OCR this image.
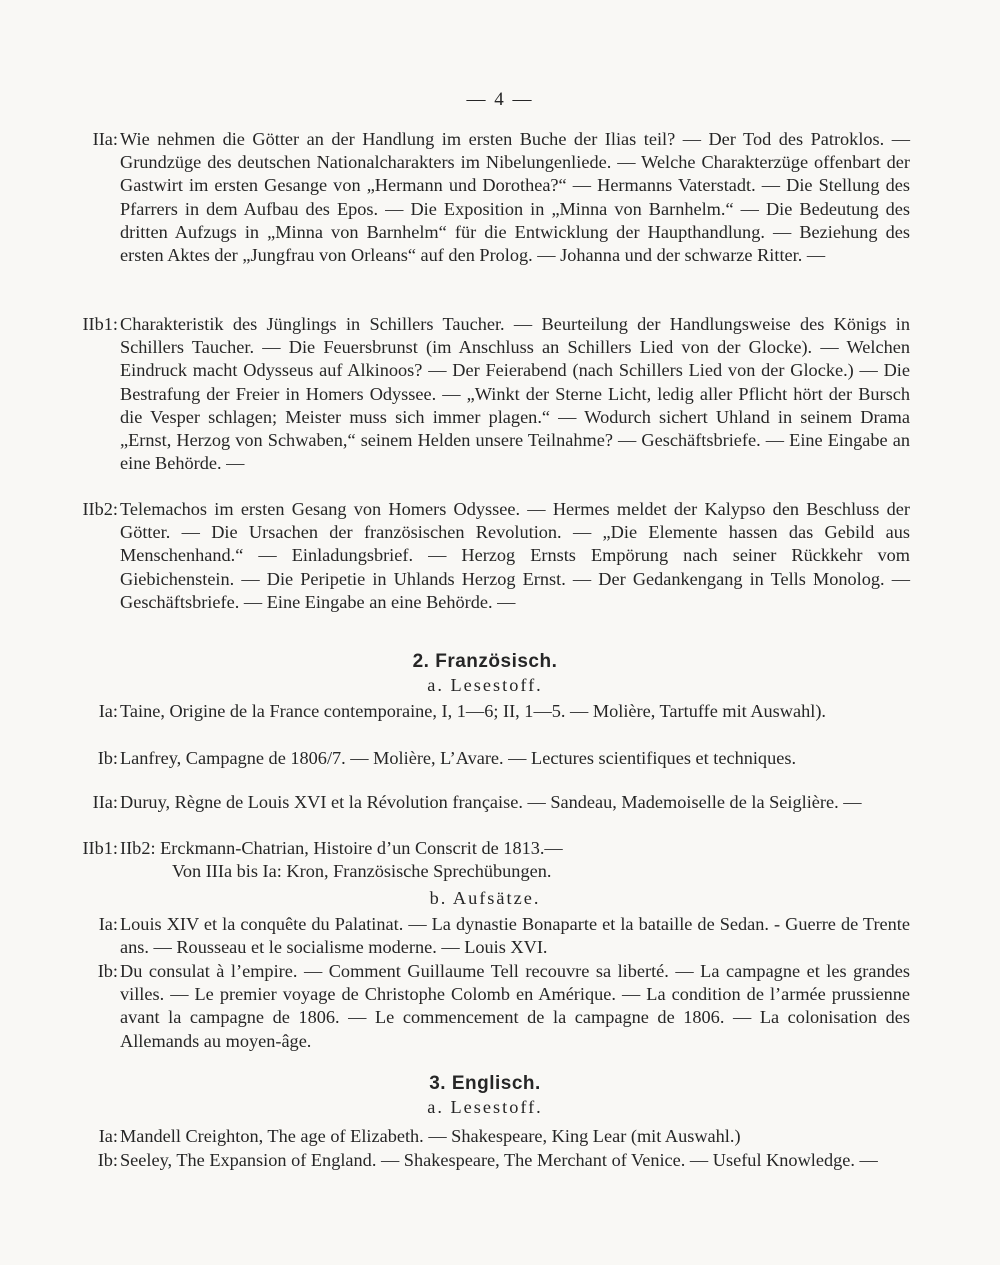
— 4 —
IIa: Wie nehmen die Götter an der Handlung im ersten Buche der Ilias teil? — Der Tod des Patroklos. — Grundzüge des deutschen Nationalcharakters im Nibelungenliede. — Welche Charakterzüge offenbart der Gastwirt im ersten Gesange von „Hermann und Dorothea?“ — Hermanns Vaterstadt. — Die Stellung des Pfarrers in dem Aufbau des Epos. — Die Exposition in „Minna von Barnhelm.“ — Die Bedeutung des dritten Aufzugs in „Minna von Barnhelm“ für die Entwicklung der Haupthandlung. — Beziehung des ersten Aktes der „Jungfrau von Orleans“ auf den Prolog. — Johanna und der schwarze Ritter. —
IIb1: Charakteristik des Jünglings in Schillers Taucher. — Beurteilung der Handlungsweise des Königs in Schillers Taucher. — Die Feuersbrunst (im Anschluss an Schillers Lied von der Glocke). — Welchen Eindruck macht Odysseus auf Alkinoos? — Der Feierabend (nach Schillers Lied von der Glocke.) — Die Bestrafung der Freier in Homers Odyssee. — „Winkt der Sterne Licht, ledig aller Pflicht hört der Bursch die Vesper schlagen; Meister muss sich immer plagen.“ — Wodurch sichert Uhland in seinem Drama „Ernst, Herzog von Schwaben,“ seinem Helden unsere Teilnahme? — Geschäftsbriefe. — Eine Eingabe an eine Behörde. —
IIb2: Telemachos im ersten Gesang von Homers Odyssee. — Hermes meldet der Kalypso den Beschluss der Götter. — Die Ursachen der französischen Revolution. — „Die Elemente hassen das Gebild aus Menschenhand.“ — Einladungsbrief. — Herzog Ernsts Empörung nach seiner Rückkehr vom Giebichenstein. — Die Peripetie in Uhlands Herzog Ernst. — Der Gedankengang in Tells Monolog. — Geschäftsbriefe. — Eine Eingabe an eine Behörde. —
2. Französisch.
a. Lesestoff.
Ia: Taine, Origine de la France contemporaine, I, 1—6; II, 1—5. — Molière, Tartuffe mit Auswahl).
Ib: Lanfrey, Campagne de 1806/7. — Molière, L’Avare. — Lectures scientifiques et techniques.
IIa: Duruy, Règne de Louis XVI et la Révolution française. — Sandeau, Mademoiselle de la Seiglière. —
IIb1: IIb2: Erckmann-Chatrian, Histoire d’un Conscrit de 1813.—
Von IIIa bis Ia: Kron, Französische Sprechübungen.
b. Aufsätze.
Ia: Louis XIV et la conquête du Palatinat. — La dynastie Bonaparte et la bataille de Sedan. - Guerre de Trente ans. — Rousseau et le socialisme moderne. — Louis XVI.
Ib: Du consulat à l’empire. — Comment Guillaume Tell recouvre sa liberté. — La campagne et les grandes villes. — Le premier voyage de Christophe Colomb en Amérique. — La condition de l’armée prussienne avant la campagne de 1806. — Le commencement de la campagne de 1806. — La colonisation des Allemands au moyen-âge.
3. Englisch.
a. Lesestoff.
Ia: Mandell Creighton, The age of Elizabeth. — Shakespeare, King Lear (mit Auswahl.)
Ib: Seeley, The Expansion of England. — Shakespeare, The Merchant of Venice. — Useful Knowledge. —
